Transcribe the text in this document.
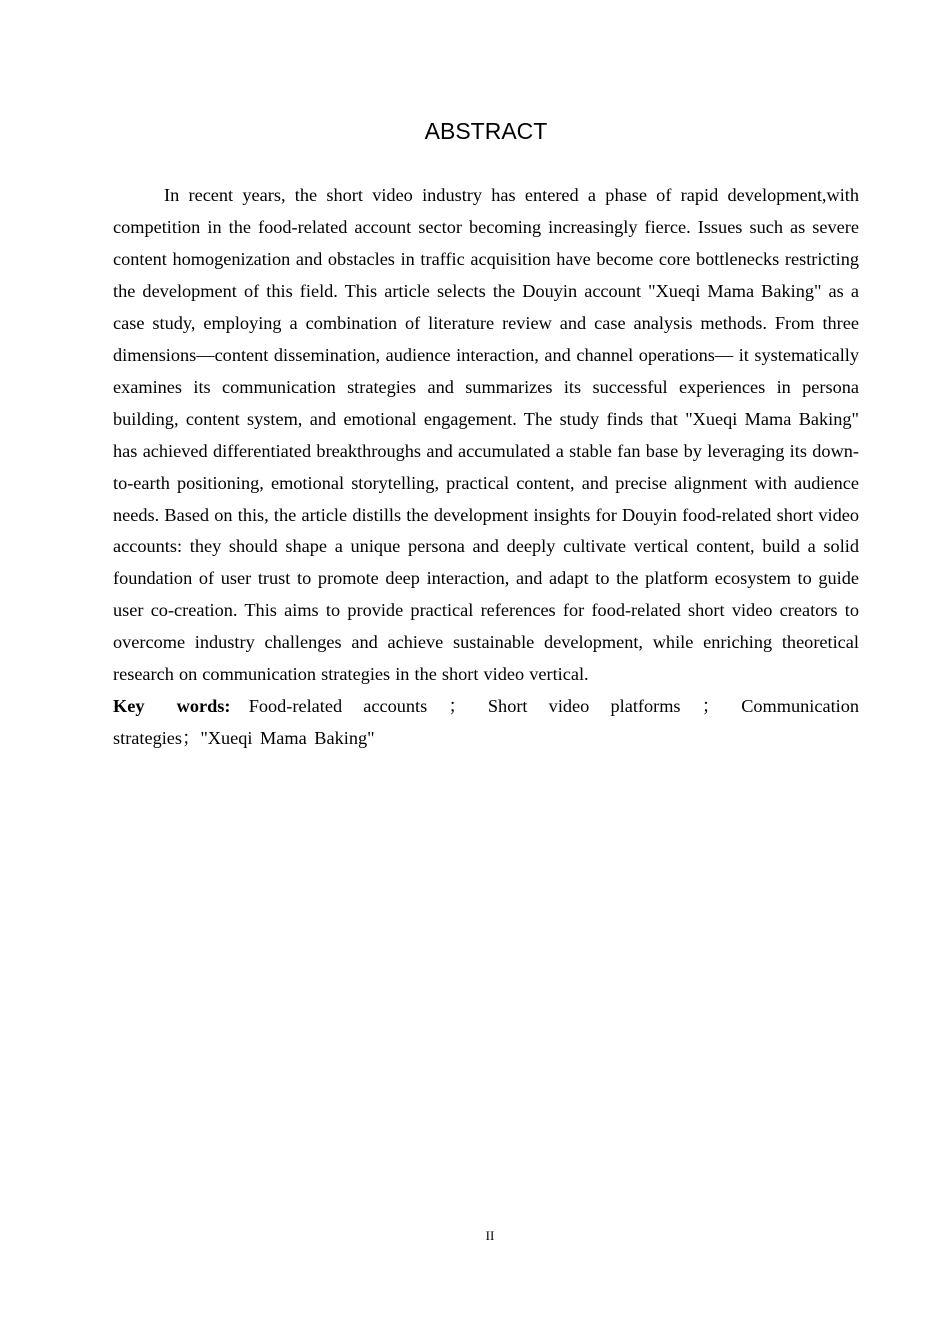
ABSTRACT

In recent years, the short video industry has entered a phase of rapid development,with competition in the food-related account sector becoming increasingly fierce. Issues such as severe content homogenization and obstacles in traffic acquisition have become core bottlenecks restricting the development of this field. This article selects the Douyin account "Xueqi Mama Baking" as a case study, employing a combination of literature review and case analysis methods. From three dimensions—content dissemination, audience interaction, and channel operations— it systematically examines its communication strategies and summarizes its successful experiences in persona building, content system, and emotional engagement. The study finds that "Xueqi Mama Baking" has achieved differentiated breakthroughs and accumulated a stable fan base by leveraging its down-to-earth positioning, emotional storytelling, practical content, and precise alignment with audience needs. Based on this, the article distills the development insights for Douyin food-related short video accounts: they should shape a unique persona and deeply cultivate vertical content, build a solid foundation of user trust to promote deep interaction, and adapt to the platform ecosystem to guide user co-creation. This aims to provide practical references for food-related short video creators to overcome industry challenges and achieve sustainable development, while enriching theoretical research on communication strategies in the short video vertical.

Key words: Food-related accounts ； Short video platforms ； Communication strategies；"Xueqi Mama Baking"

II
